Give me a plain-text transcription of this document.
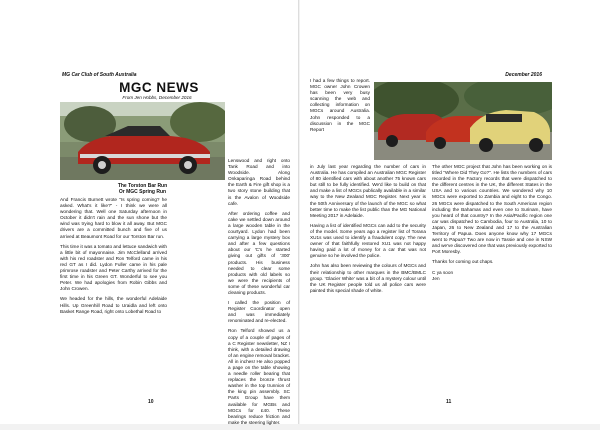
MG Car Club of South Australia
MGC NEWS
From Jen Hobbs, December 2016
The Torston Bar Run
Or MGC Spring Run

And Francis Burnett wrote "Is spring coming? he asked. What's it like?" - I think we were all wondering that. Well one Saturday afternoon in October it didn't rain and the sun shone but the wind was trying hard to blow it all away. But MGC drivers are a committed bunch and five of us arrived at Beaumont Road for our Torston Bar run.

This time it was a tomato and lettuce sandwich with a little bit of mayonnaise. Jim McClelland arrived with his red roadster and Ron Telford came in his red GT as I did. Lydon Fuller came in his pale primrose roadster and Peter Carthy arrived for the first time in his Green GT. Wonderful to see you Peter. We had apologies from Robin Gibbs and John Crowen.

We headed for the hills, the wonderful Adelaide Hills. Up Greenhill Road to Uraidla and left onto Basket Range Road, right onto Lobethal Road to

Lenswood and right onto Tank Road and into Woodside. Along Onkaparinga Road behind the Earth & Fire gift shop is a two story stone building that is the Avalon of Woodside cafe.

After ordering coffee and cake we settled down around a large wooden table in the courtyard. Lydon had been carrying a large mystery box and after a few questions about our 'C's he started giving out gifts of '300' products. His business needed to clear some products with old labels so we were the recipients of some of these wonderful car cleaning products.

I called the position of Register Coordinator open and was immediately renominated and re-elected.

Ron Telford showed us a copy of a couple of pages of a C Register newsletter, NZ I think, with a detailed drawing of an engine removal bracket. All in inches! He also popped a page on the table showing a needle roller bearing that replaces the bronze thrust washer in the top trunnion of the king pin assembly. SC Parts Group have them available for MGBs and MGCs for £40. These bearings reduce friction and make the steering lighter.

10
December 2016

I had a few things to report. MGC owner John Crowen has been very busy scanning the web and collecting information on MGCs around Australia. John responded to a discussion in the MGC Report

in July last year regarding the number of cars in Australia. He has compiled an Australian MGC Register of 80 identified cars with about another 75 known cars but still to be fully identified. We'd like to build on that and make a list of MGCs publically available in a similar way to the New Zealand MGC Register. Next year is the 50th Anniversary of the launch of the MGC so what better time to make the list public than the MG National Meeting 2017 in Adelaide.

Having a list of identified MGCs can add to the security of the model. Some years ago a register list of Torana XU1s was used to identify a fraudulent copy. The new owner of that faithfully restored XU1 was not happy having paid a lot of money for a car that was not genuine so he involved the police.

John has also been reviewing the colours of MGCs and their relationship to other marques in the BMC/BMLC group. 'Glacier White' was a bit of a mystery colour until the UK Register people told us all police cars were painted this special shade of white.

The other MGC project that John has been working on is titled "Where Did They Go?". He lists the numbers of cars recorded in the Factory records that were dispatched to the different centres in the UK, the different States in the USA and to various countries. We wondered why 10 MGCs were exported to Zambia and eight to the Congo. 26 MGCs were dispatched to the South American region including the Bahamas and even one to Surinam, have you heard of that country? In the Asia/Pacific region one car was dispatched to Cambodia, four to Australia, 10 to Japan, 26 to New Zealand and 17 to the Australian Territory of Papua. Does anyone know why 17 MGCs went to Papua? Two are now in Tassie and one in NSW and we've discovered one that was previously exported to Port Moresby.

Thanks for coming out chaps.

C ya soon
Jen

11
